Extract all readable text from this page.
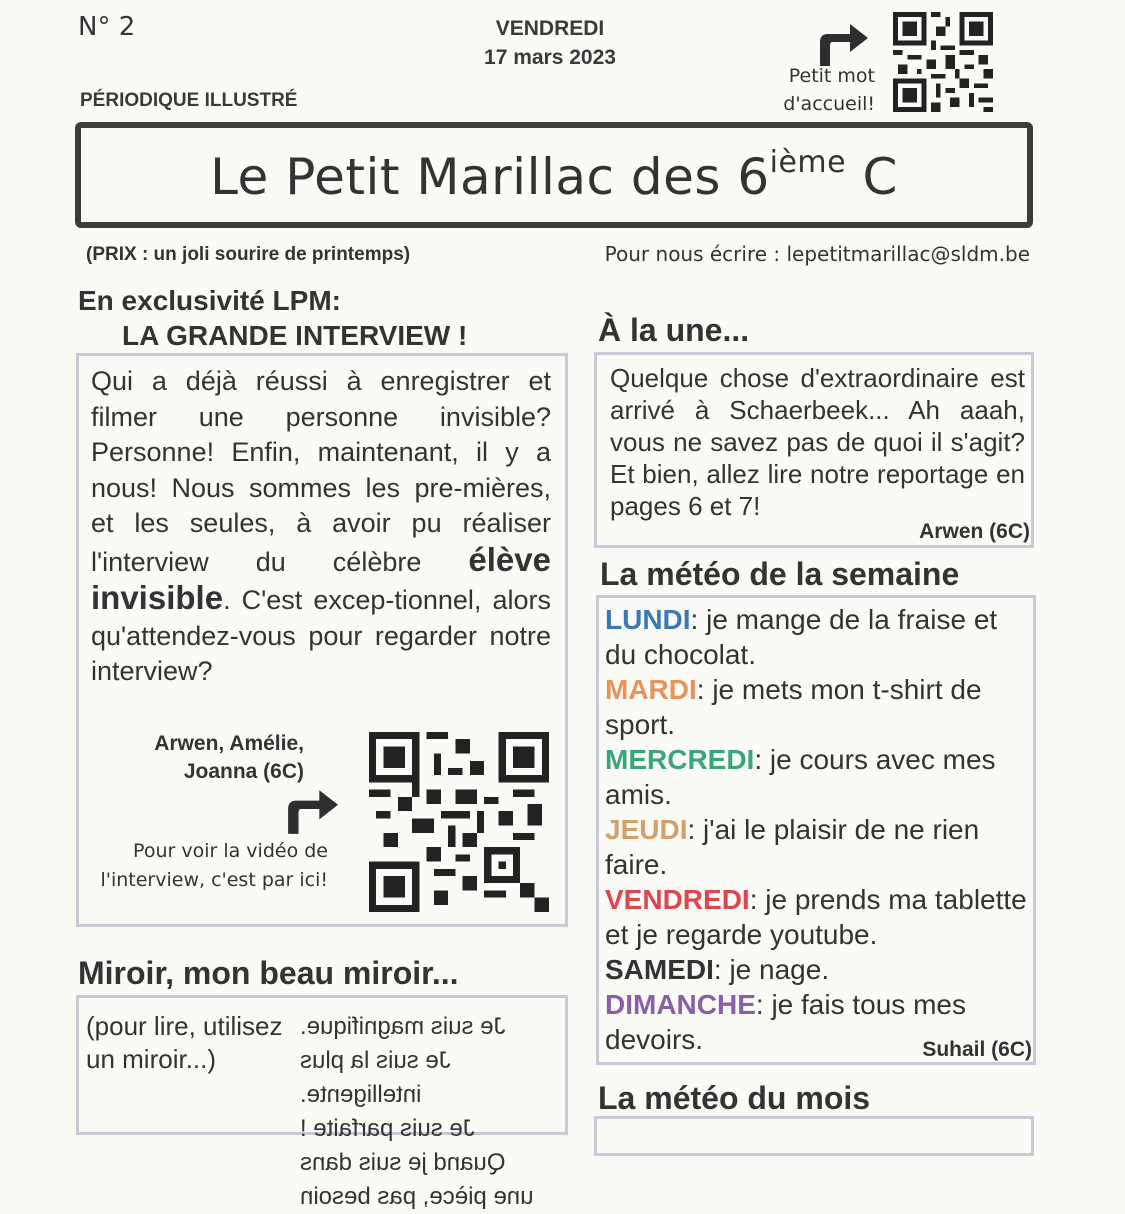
N° 2	VENDREDI
17 mars 2023
PÉRIODIQUE ILLUSTRÉ
Petit mot
d'accueil!
Le Petit Marillac des 6ième C
(PRIX : un joli sourire de printemps)	Pour nous écrire : lepetitmarillac@sldm.be
En exclusivité LPM:
LA GRANDE INTERVIEW !
Qui a déjà réussi à enregistrer et filmer une personne invisible? Personne! Enfin, maintenant, il y a nous! Nous sommes les pre-mières, et les seules, à avoir pu réaliser l'interview du célèbre élève invisible. C'est excep-tionnel, alors qu'attendez-vous pour regarder notre interview?
Arwen, Amélie,
Joanna (6C)
Pour voir la vidéo de l'interview, c'est par ici!
À la une...
Quelque chose d'extraordinaire est arrivé à Schaerbeek... Ah aaah, vous ne savez pas de quoi il s'agit? Et bien, allez lire notre reportage en pages 6 et 7!
Arwen (6C)
La météo de la semaine
LUNDI: je mange de la fraise et du chocolat.
MARDI: je mets mon t-shirt de sport.
MERCREDI: je cours avec mes amis.
JEUDI: j'ai le plaisir de ne rien faire.
VENDREDI: je prends ma tablette et je regarde youtube.
SAMEDI: je nage.
DIMANCHE: je fais tous mes devoirs.	Suhail (6C)
Miroir, mon beau miroir...
(pour lire, utilisez un miroir...)
Je suis magnifique.
Je suis la plus intelligente.
Je suis parfaite !
Quand je suis dans une pièce, pas besoin
La météo du mois
